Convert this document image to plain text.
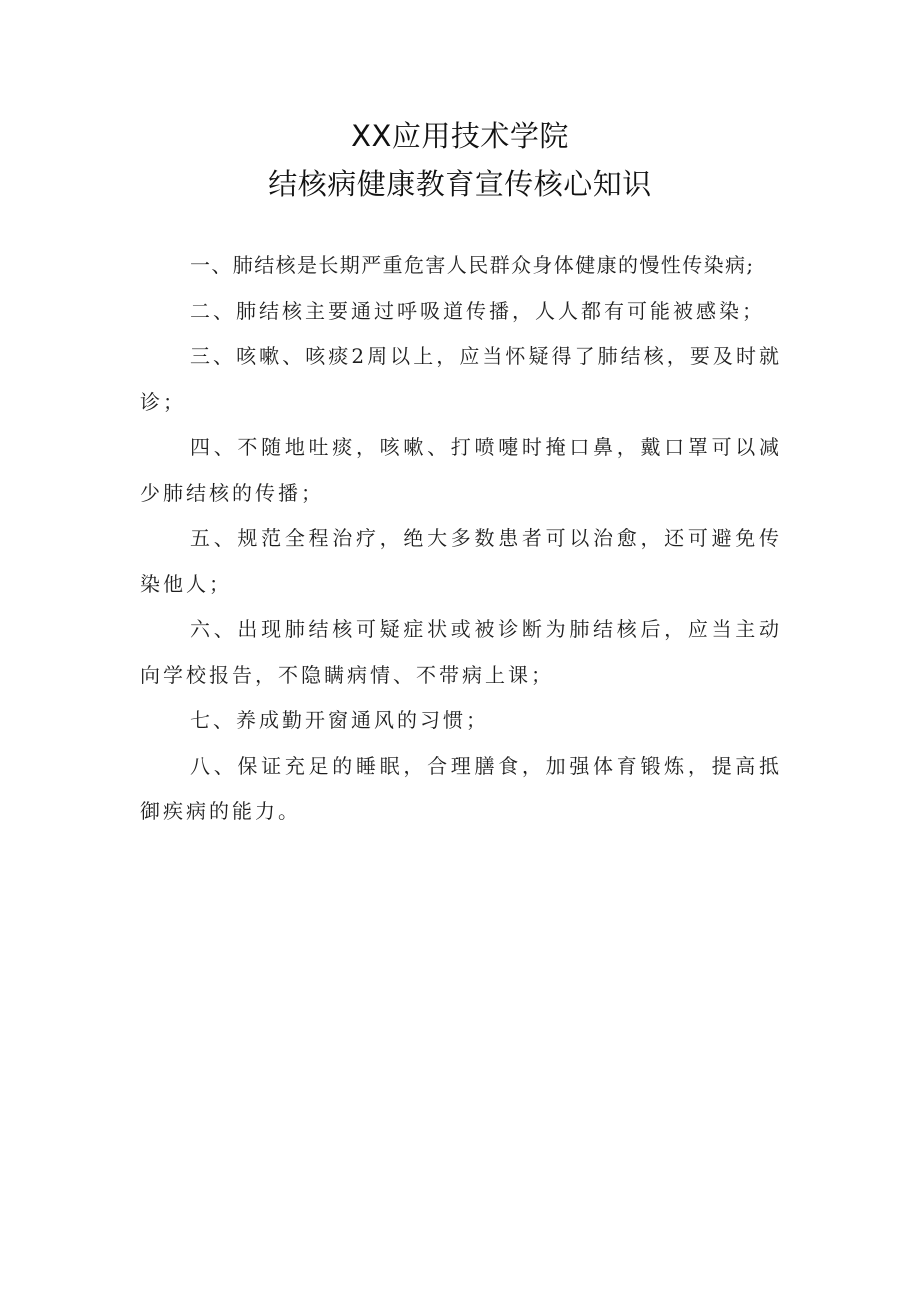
XX应用技术学院
结核病健康教育宣传核心知识

一、肺结核是长期严重危害人民群众身体健康的慢性传染病;

二、肺结核主要通过呼吸道传播，人人都有可能被感染；

三、咳嗽、咳痰2周以上，应当怀疑得了肺结核，要及时就诊；

四、不随地吐痰，咳嗽、打喷嚏时掩口鼻，戴口罩可以减少肺结核的传播；

五、规范全程治疗，绝大多数患者可以治愈，还可避免传染他人；

六、出现肺结核可疑症状或被诊断为肺结核后，应当主动向学校报告，不隐瞒病情、不带病上课；

七、养成勤开窗通风的习惯；

八、保证充足的睡眠，合理膳食，加强体育锻炼，提高抵御疾病的能力。
